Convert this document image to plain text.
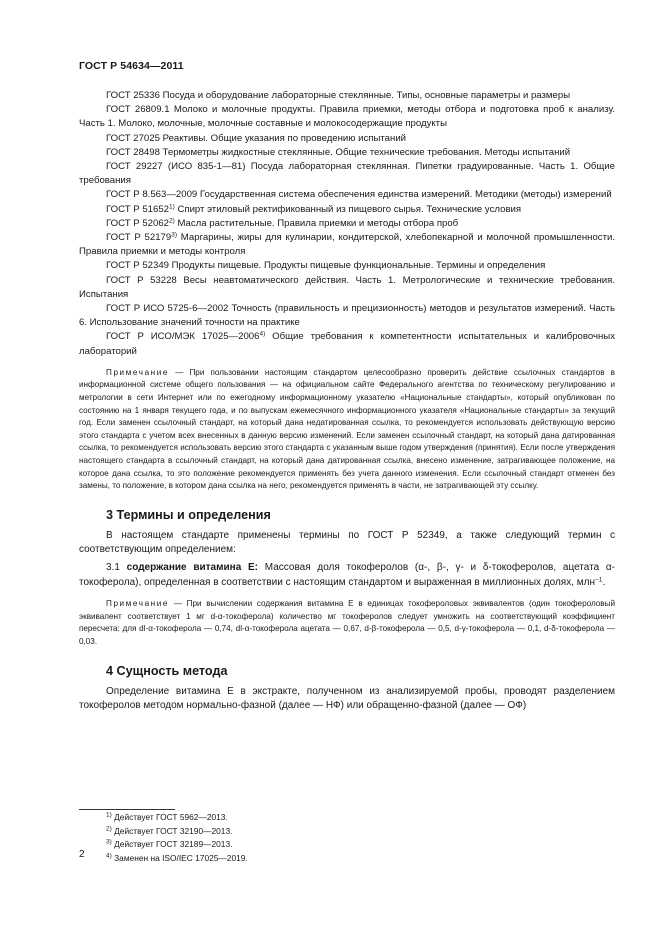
ГОСТ Р 54634—2011

ГОСТ 25336 Посуда и оборудование лабораторные стеклянные. Типы, основные параметры и размеры

ГОСТ 26809.1 Молоко и молочные продукты. Правила приемки, методы отбора и подготовка проб к анализу. Часть 1. Молоко, молочные, молочные составные и молокосодержащие продукты

ГОСТ 27025 Реактивы. Общие указания по проведению испытаний

ГОСТ 28498 Термометры жидкостные стеклянные. Общие технические требования. Методы испытаний

ГОСТ 29227 (ИСО 835-1—81) Посуда лабораторная стеклянная. Пипетки градуированные. Часть 1. Общие требования

ГОСТ Р 8.563—2009 Государственная система обеспечения единства измерений. Методики (методы) измерений

ГОСТ Р 51652$^{1)}$ Спирт этиловый ректификованный из пищевого сырья. Технические условия

ГОСТ Р 52062$^{2)}$ Масла растительные. Правила приемки и методы отбора проб

ГОСТ Р 52179$^{3)}$ Маргарины, жиры для кулинарии, кондитерской, хлебопекарной и молочной промышленности. Правила приемки и методы контроля

ГОСТ Р 52349 Продукты пищевые. Продукты пищевые функциональные. Термины и определения

ГОСТ Р 53228 Весы неавтоматического действия. Часть 1. Метрологические и технические требования. Испытания

ГОСТ Р ИСО 5725-6—2002 Точность (правильность и прецизионность) методов и результатов измерений. Часть 6. Использование значений точности на практике

ГОСТ Р ИСО/МЭК 17025—2006$^{4)}$ Общие требования к компетентности испытательных и калибровочных лабораторий

Примечание — При пользовании настоящим стандартом целесообразно проверить действие ссылочных стандартов в информационной системе общего пользования — на официальном сайте Федерального агентства по техническому регулированию и метрологии в сети Интернет или по ежегодному информационному указателю «Национальные стандарты», который опубликован по состоянию на 1 января текущего года, и по выпускам ежемесячного информационного указателя «Национальные стандарты» за текущий год. Если заменен ссылочный стандарт, на который дана недатированная ссылка, то рекомендуется использовать действующую версию этого стандарта с учетом всех внесенных в данную версию изменений. Если заменен ссылочный стандарт, на который дана датированная ссылка, то рекомендуется использовать версию этого стандарта с указанным выше годом утверждения (принятия). Если после утверждения настоящего стандарта в ссылочный стандарт, на который дана датированная ссылка, внесено изменение, затрагивающее положение, на которое дана ссылка, то это положение рекомендуется применять без учета данного изменения. Если ссылочный стандарт отменен без замены, то положение, в котором дана ссылка на него, рекомендуется применять в части, не затрагивающей эту ссылку.

3 Термины и определения

В настоящем стандарте применены термины по ГОСТ Р 52349, а также следующий термин с соответствующим определением:

3.1 содержание витамина Е: Массовая доля токоферолов (α-, β-, γ- и δ-токоферолов, ацетата α-токоферола), определенная в соответствии с настоящим стандартом и выраженная в миллионных долях, млн$^{-1}$.

Примечание — При вычислении содержания витамина Е в единицах токофероловых эквивалентов (один токофероловый эквивалент соответствует 1 мг d-α-токоферола) количество мг токоферолов следует умножить на соответствующий коэффициент пересчета: для dl-α-токоферола — 0,74, dl-α-токоферола ацетата — 0,67, d-β-токоферола — 0,5, d-γ-токоферола — 0,1, d-δ-токоферола — 0,03.

4 Сущность метода

Определение витамина Е в экстракте, полученном из анализируемой пробы, проводят разделением токоферолов методом нормально-фазной (далее — НФ) или обращенно-фазной (далее — ОФ)

$^{1)}$ Действует ГОСТ 5962—2013.
$^{2)}$ Действует ГОСТ 32190—2013.
$^{3)}$ Действует ГОСТ 32189—2013.
$^{4)}$ Заменен на ISO/IEC 17025—2019.
2
